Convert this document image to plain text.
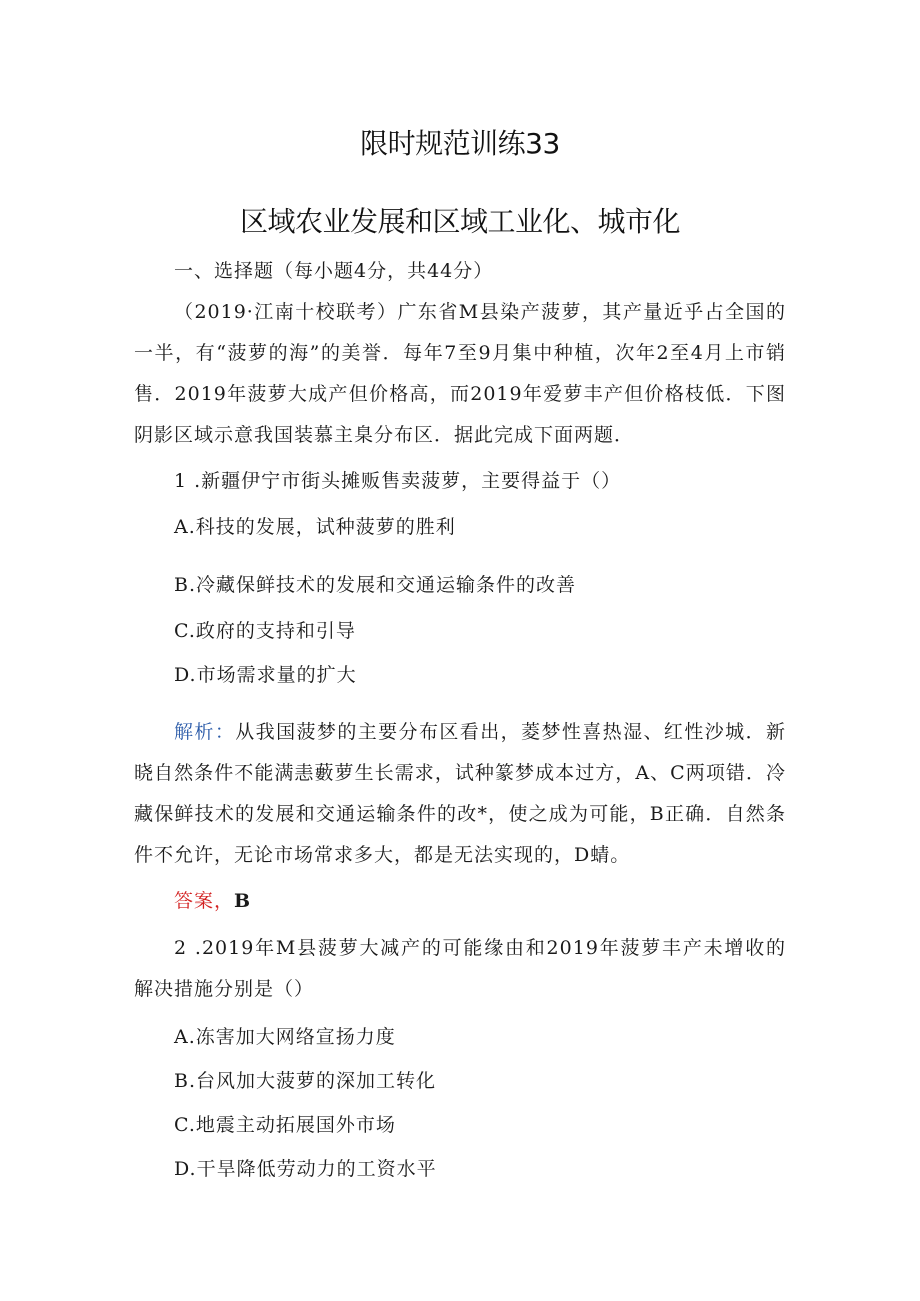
限时规范训练33
区域农业发展和区域工业化、城市化
一、选择题（每小题4分，共44分）
（2019·江南十校联考）广东省M县染产菠萝，其产量近乎占全国的一半，有“菠萝的海”的美誉．每年7至9月集中种植，次年2至4月上市销售．2019年菠萝大成产但价格高，而2019年爱萝丰产但价格枝低．下图阴影区域示意我国装慕主臬分布区．据此完成下面两题．
1 .新疆伊宁市街头摊贩售卖菠萝，主要得益于（）
A.科技的发展，试种菠萝的胜利
B.冷藏保鲜技术的发展和交通运输条件的改善
C.政府的支持和引导
D.市场需求量的扩大
解析：从我国菠梦的主要分布区看出，菱梦性喜热湿、红性沙城．新晓自然条件不能满恚藪萝生长需求，试种篆梦成本过方，A、C两项错．冷藏保鲜技术的发展和交通运输条件的改*，使之成为可能，B正确．自然条件不允许，无论市场常求多大，都是无法实现的，D蜻。
答案，B
2 .2019年M县菠萝大减产的可能缘由和2019年菠萝丰产未增收的解决措施分别是（）
A.冻害加大网络宣扬力度
B.台风加大菠萝的深加工转化
C.地震主动拓展国外市场
D.干旱降低劳动力的工资水平
